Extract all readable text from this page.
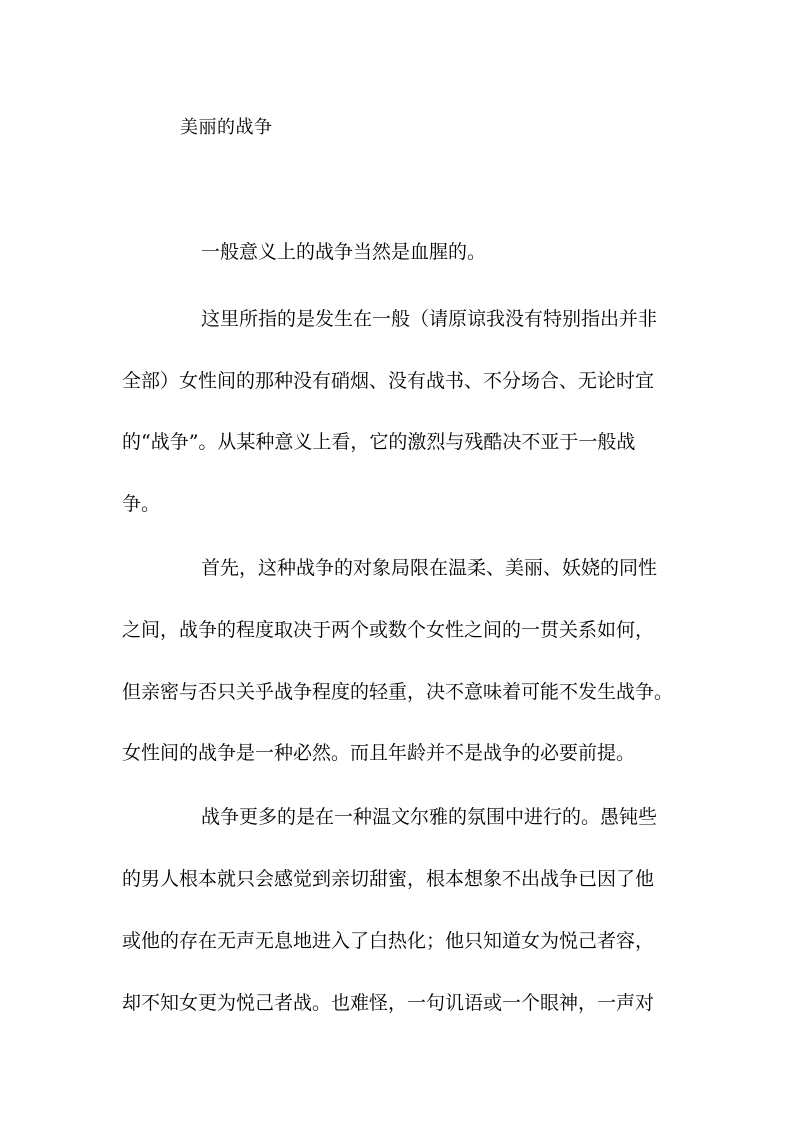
美丽的战争
一般意义上的战争当然是血腥的。
这里所指的是发生在一般（请原谅我没有特别指出并非
全部）女性间的那种没有硝烟、没有战书、不分场合、无论时宜
的“战争”。从某种意义上看，它的激烈与残酷决不亚于一般战
争。
首先，这种战争的对象局限在温柔、美丽、妖娆的同性
之间，战争的程度取决于两个或数个女性之间的一贯关系如何，
但亲密与否只关乎战争程度的轻重，决不意味着可能不发生战争。
女性间的战争是一种必然。而且年龄并不是战争的必要前提。
战争更多的是在一种温文尔雅的氛围中进行的。愚钝些
的男人根本就只会感觉到亲切甜蜜，根本想象不出战争已因了他
或他的存在无声无息地进入了白热化；他只知道女为悦己者容，
却不知女更为悦己者战。也难怪，一句讥语或一个眼神，一声对
